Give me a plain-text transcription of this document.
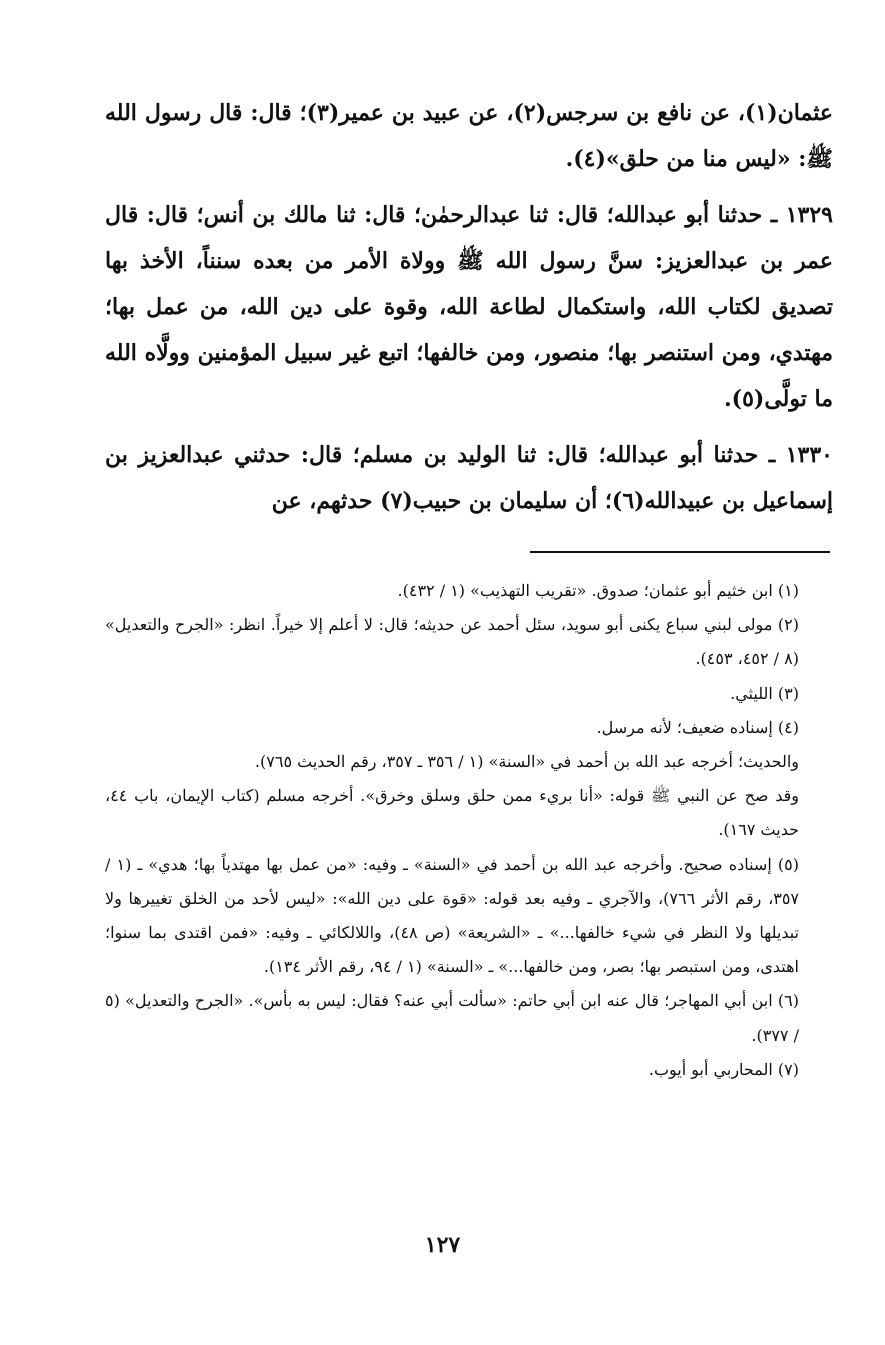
عثمان(١)، عن نافع بن سرجس(٢)، عن عبيد بن عمير(٣)؛ قال: قال رسول الله ﷺ: «ليس منا من حلق»(٤).

١٣٢٩ ـ حدثنا أبو عبدالله؛ قال: ثنا عبدالرحمٰن؛ قال: ثنا مالك بن أنس؛ قال: قال عمر بن عبدالعزيز: سنَّ رسول الله ﷺ وولاة الأمر من بعده سنناً، الأخذ بها تصديق لكتاب الله، واستكمال لطاعة الله، وقوة على دين الله، من عمل بها؛ مهتدي، ومن استنصر بها؛ منصور، ومن خالفها؛ اتبع غير سبيل المؤمنين وولَّاه الله ما تولَّى(٥).

١٣٣٠ ـ حدثنا أبو عبدالله؛ قال: ثنا الوليد بن مسلم؛ قال: حدثني عبدالعزيز بن إسماعيل بن عبيدالله(٦)؛ أن سليمان بن حبيب(٧) حدثهم، عن

(١) ابن خثيم أبو عثمان؛ صدوق. «تقريب التهذيب» (١ / ٤٣٢).

(٢) مولى لبني سباع يكنى أبو سويد، سئل أحمد عن حديثه؛ قال: لا أعلم إلا خيراً. انظر: «الجرح والتعديل» (٨ / ٤٥٢، ٤٥٣).

(٣) الليثي.

(٤) إسناده ضعيف؛ لأنه مرسل.

والحديث؛ أخرجه عبد الله بن أحمد في «السنة» (١ / ٣٥٦ ـ ٣٥٧، رقم الحديث ٧٦٥).

وقد صح عن النبي ﷺ قوله: «أنا بريء ممن حلق وسلق وخرق». أخرجه مسلم (كتاب الإيمان، باب ٤٤، حديث ١٦٧).

(٥) إسناده صحيح. وأخرجه عبد الله بن أحمد في «السنة» ـ وفيه: «من عمل بها مهتدياً بها؛ هدي» ـ (١ / ٣٥٧، رقم الأثر ٧٦٦)، والآجري ـ وفيه بعد قوله: «قوة على دين الله»: «ليس لأحد من الخلق تغييرها ولا تبديلها ولا النظر في شيء خالفها...» ـ «الشريعة» (ص ٤٨)، واللالكائي ـ وفيه: «فمن اقتدى بما سنوا؛ اهتدى، ومن استبصر بها؛ بصر، ومن خالفها...» ـ «السنة» (١ / ٩٤، رقم الأثر ١٣٤).

(٦) ابن أبي المهاجر؛ قال عنه ابن أبي حاتم: «سألت أبي عنه؟ فقال: ليس به بأس». «الجرح والتعديل» (٥ / ٣٧٧).

(٧) المحاربي أبو أيوب.

١٢٧
